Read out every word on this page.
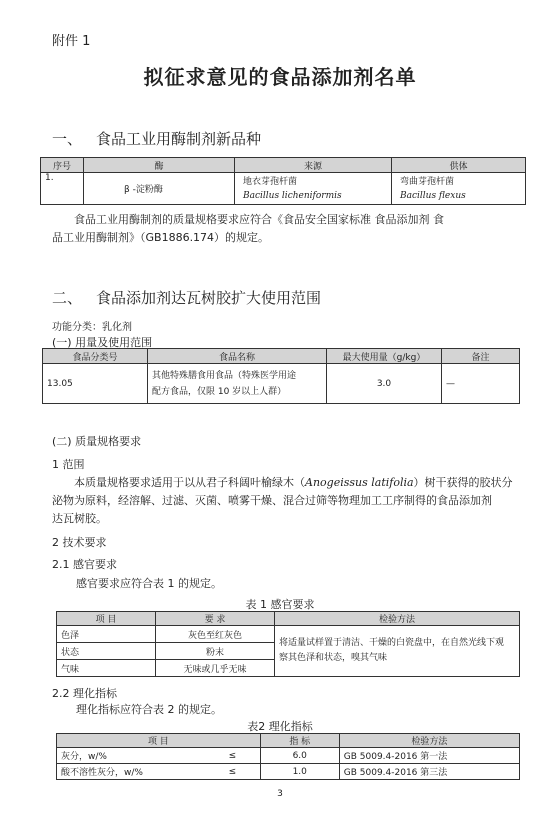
附件 1
拟征求意见的食品添加剂名单
一、 食品工业用酶制剂新品种
序号	酶	来源	供体
1.	β -淀粉酶	地衣芽孢杆菌	弯曲芽孢杆菌
		Bacillus licheniformis	Bacillus flexus
食品工业用酶制剂的质量规格要求应符合《食品安全国家标准 食品添加剂 食
品工业用酶制剂》（GB1886.174）的规定。
二、 食品添加剂达瓦树胶扩大使用范围
功能分类：乳化剂
(一) 用量及使用范围
食品分类号	食品名称	最大使用量（g/kg）	备注
13.05	其他特殊膳食用食品（特殊医学用途
配方食品，仅限 10 岁以上人群）	3.0	—
(二) 质量规格要求
1 范围
本质量规格要求适用于以从君子科阔叶榆绿木（Anogeissus latifolia）树干获得的胶状分
泌物为原料，经溶解、过滤、灭菌、喷雾干燥、混合过筛等物理加工工序制得的食品添加剂
达瓦树胶。
2 技术要求
2.1 感官要求
感官要求应符合表 1 的规定。
表 1 感官要求
项 目	要 求	检验方法
色泽	灰色至红灰色	将适量试样置于清洁、干燥的白瓷盘中，在自然光线下观
察其色泽和状态，嗅其气味

状态	粉末	
气味	无味或几乎无味	
2.2 理化指标
理化指标应符合表 2 的规定。
表2 理化指标
项 目		指 标	检验方法
灰分，w/%	≤	6.0	GB 5009.4-2016 第一法
酸不溶性灰分，w/%	≤	1.0	GB 5009.4-2016 第三法
3
